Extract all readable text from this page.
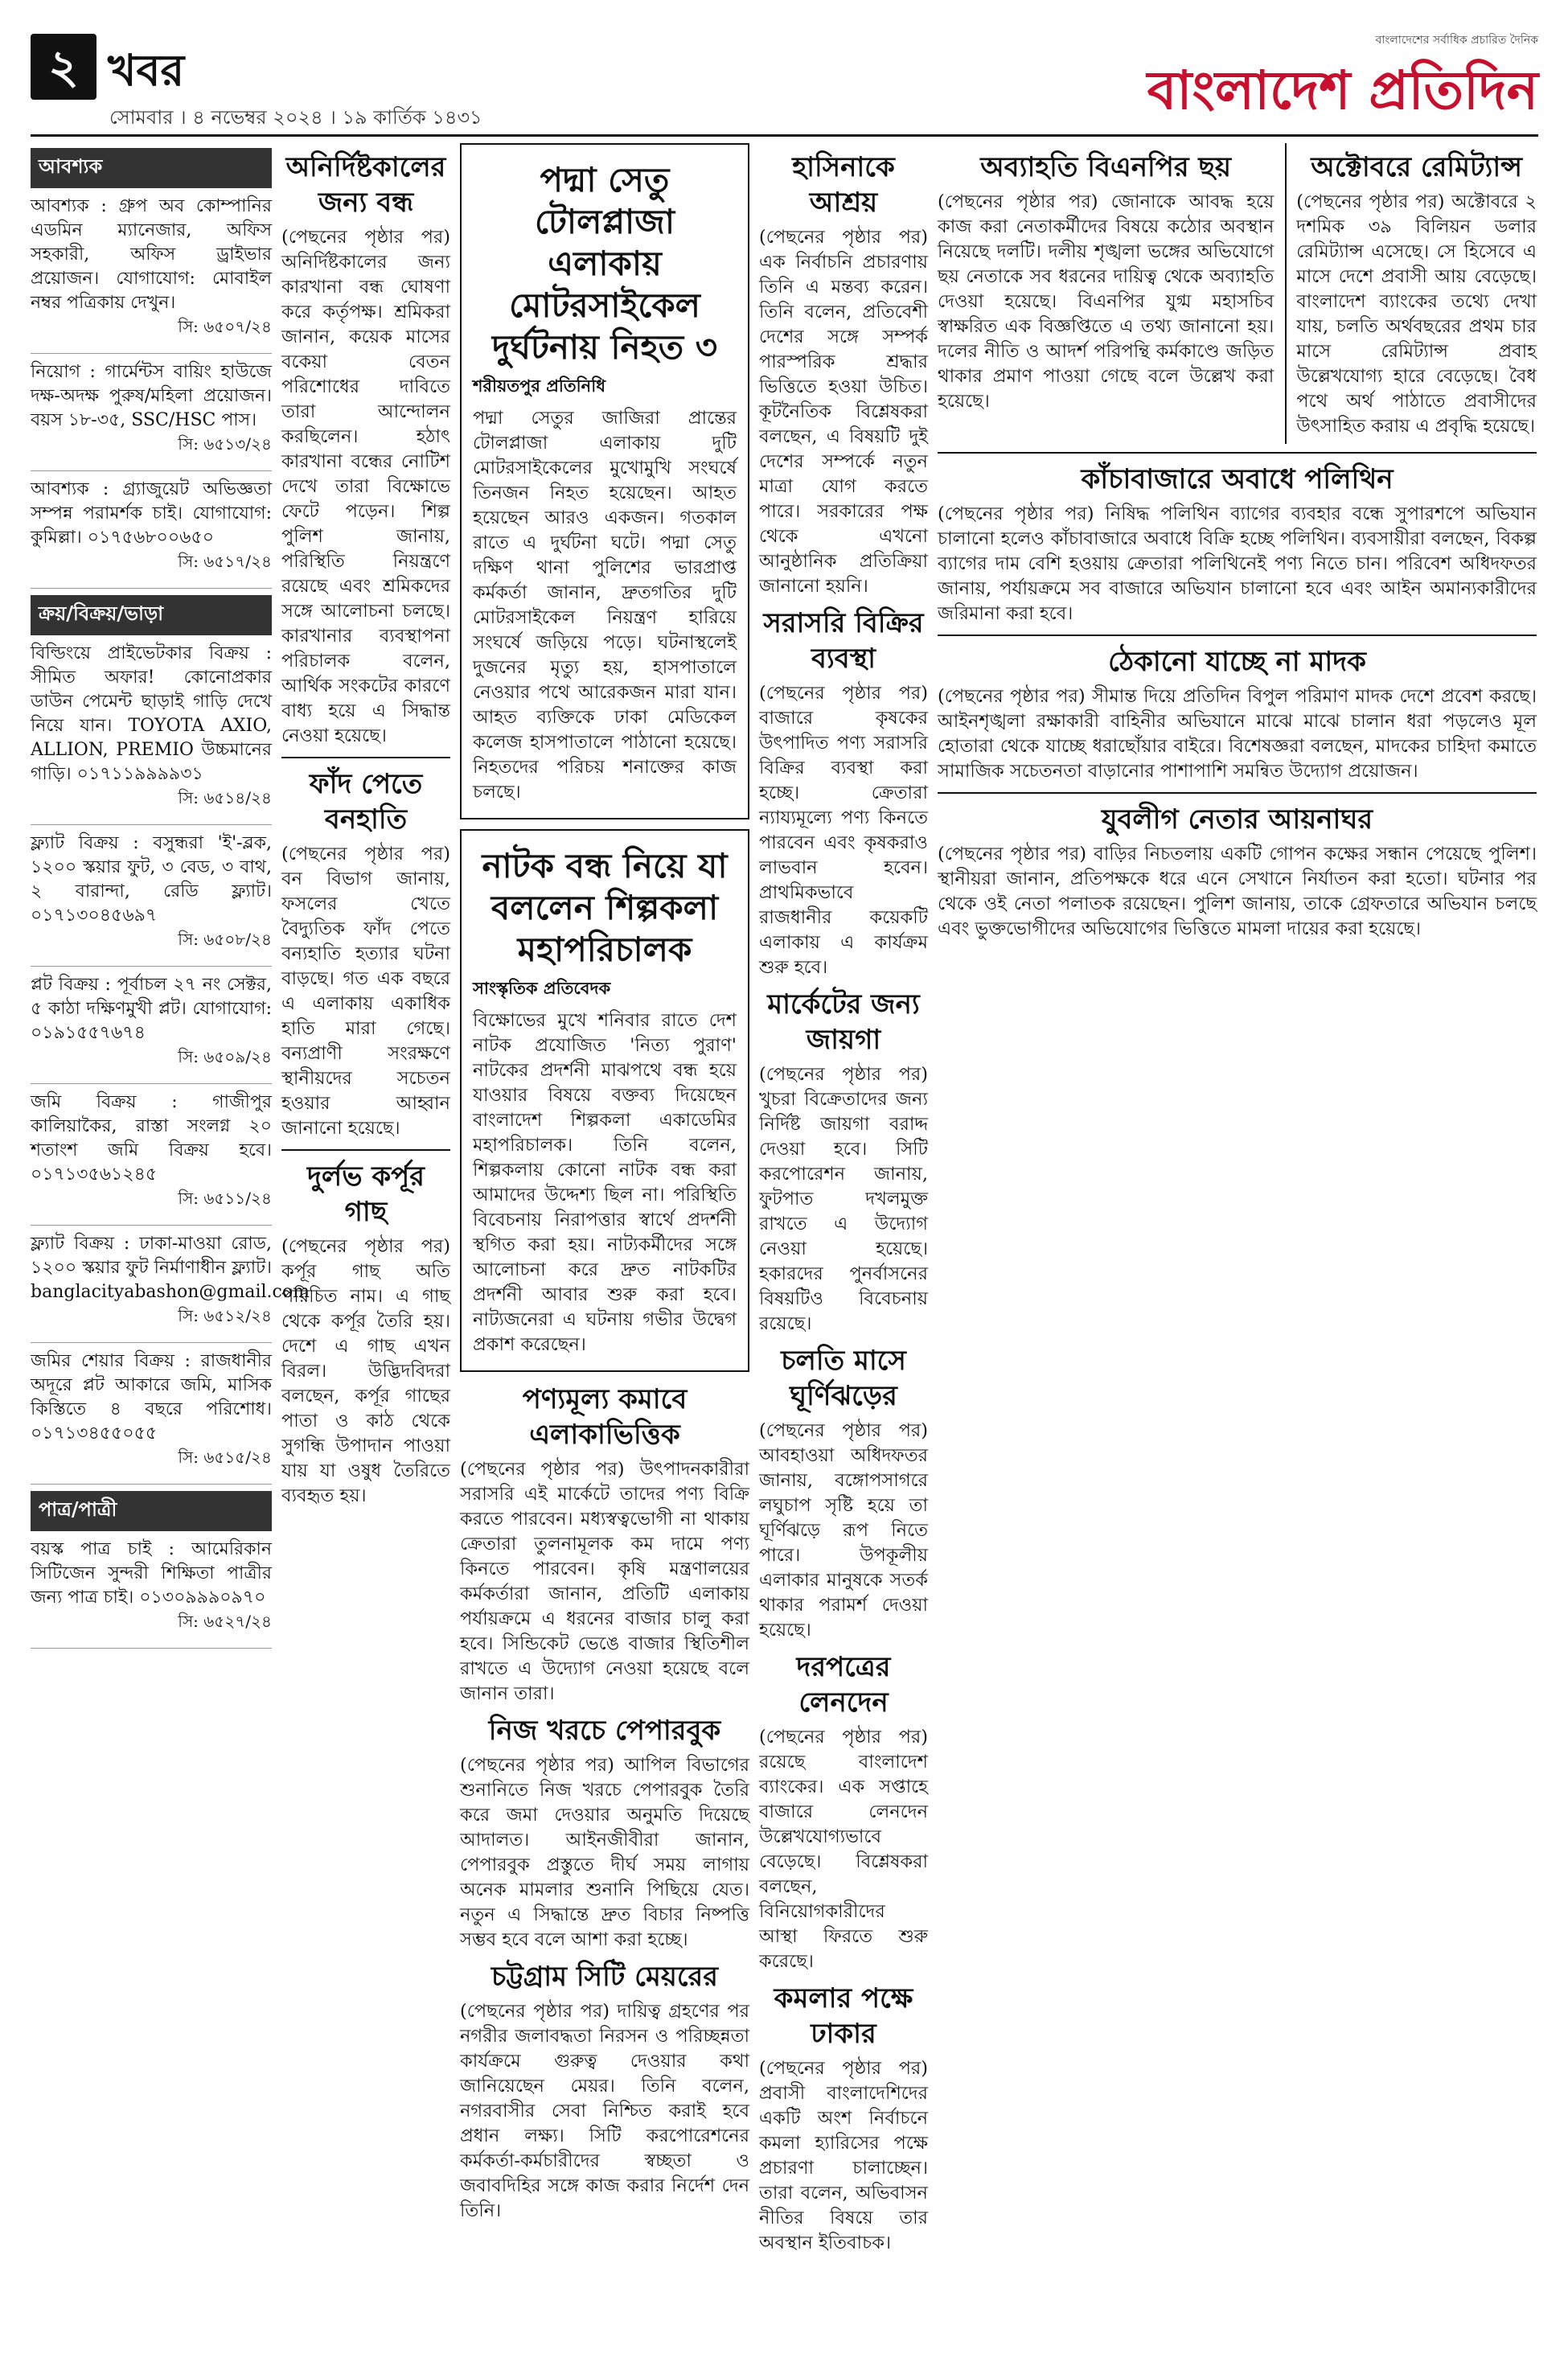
২ খবর
সোমবার । ৪ নভেম্বর ২০২৪ । ১৯ কার্তিক ১৪৩১
বাংলাদেশের সর্বাধিক প্রচারিত দৈনিক
বাংলাদেশ প্রতিদিন
আবশ্যক
আবশ্যক : গ্রুপ অব কোম্পানির এডমিন ম্যানেজার, অফিস সহকারী, অফিস ড্রাইভার প্রয়োজন। যোগাযোগ: মোবাইল নম্বর পত্রিকায় দেখুন।
সি: ৬৫০৭/২৪
নিয়োগ : গার্মেন্টস বায়িং হাউজে দক্ষ-অদক্ষ পুরুষ/মহিলা প্রয়োজন। বয়স ১৮-৩৫, SSC/HSC পাস।
সি: ৬৫১৩/২৪
আবশ্যক : গ্র্যাজুয়েট অভিজ্ঞতা সম্পন্ন পরামর্শক চাই। যোগাযোগ: কুমিল্লা। ০১৭৫৬৮০০৬৫০
সি: ৬৫১৭/২৪
ক্রয়/বিক্রয়/ভাড়া
বিল্ডিংয়ে প্রাইভেটকার বিক্রয় : সীমিত অফার! কোনোপ্রকার ডাউন পেমেন্ট ছাড়াই গাড়ি দেখে নিয়ে যান। TOYOTA AXIO, ALLION, PREMIO উচ্চমানের গাড়ি। ০১৭১১৯৯৯৯৩১
সি: ৬৫১৪/২৪
ফ্ল্যাট বিক্রয় : বসুন্ধরা 'ই'-ব্লক, ১২০০ স্কয়ার ফুট, ৩ বেড, ৩ বাথ, ২ বারান্দা, রেডি ফ্ল্যাট। ০১৭১৩০৪৫৬৯৭
সি: ৬৫০৮/২৪
প্লট বিক্রয় : পূর্বাচল ২৭ নং সেক্টর, ৫ কাঠা দক্ষিণমুখী প্লট। যোগাযোগ: ০১৯১৫৫৭৬৭৪
সি: ৬৫০৯/২৪
জমি বিক্রয় : গাজীপুর কালিয়াকৈর, রাস্তা সংলগ্ন ২০ শতাংশ জমি বিক্রয় হবে। ০১৭১৩৫৬১২৪৫
সি: ৬৫১১/২৪
ফ্ল্যাট বিক্রয় : ঢাকা-মাওয়া রোড, ১২০০ স্কয়ার ফুট নির্মাণাধীন ফ্ল্যাট। banglacityabashon@gmail.com
সি: ৬৫১২/২৪
জমির শেয়ার বিক্রয় : রাজধানীর অদূরে প্লট আকারে জমি, মাসিক কিস্তিতে ৪ বছরে পরিশোধ। ০১৭১৩৪৫৫০৫৫
সি: ৬৫১৫/২৪
পাত্র/পাত্রী
বয়স্ক পাত্র চাই : আমেরিকান সিটিজেন সুন্দরী শিক্ষিতা পাত্রীর জন্য পাত্র চাই। ০১৩০৯৯৯০৯৭০
সি: ৬৫২৭/২৪
অনির্দিষ্টকালের জন্য বন্ধ

(পেছনের পৃষ্ঠার পর) অনির্দিষ্টকালের জন্য কারখানা বন্ধ ঘোষণা করে কর্তৃপক্ষ। শ্রমিকরা জানান, কয়েক মাসের বকেয়া বেতন পরিশোধের দাবিতে তারা আন্দোলন করছিলেন। হঠাৎ কারখানা বন্ধের নোটিশ দেখে তারা বিক্ষোভে ফেটে পড়েন। শিল্প পুলিশ জানায়, পরিস্থিতি নিয়ন্ত্রণে রয়েছে এবং শ্রমিকদের সঙ্গে আলোচনা চলছে। কারখানার ব্যবস্থাপনা পরিচালক বলেন, আর্থিক সংকটের কারণে বাধ্য হয়ে এ সিদ্ধান্ত নেওয়া হয়েছে।

ফাঁদ পেতে বনহাতি

(পেছনের পৃষ্ঠার পর) বন বিভাগ জানায়, ফসলের খেতে বৈদ্যুতিক ফাঁদ পেতে বন্যহাতি হত্যার ঘটনা বাড়ছে। গত এক বছরে এ এলাকায় একাধিক হাতি মারা গেছে। বন্যপ্রাণী সংরক্ষণে স্থানীয়দের সচেতন হওয়ার আহ্বান জানানো হয়েছে।

দুর্লভ কর্পূর গাছ

(পেছনের পৃষ্ঠার পর) কর্পূর গাছ অতি পরিচিত নাম। এ গাছ থেকে কর্পূর তৈরি হয়। দেশে এ গাছ এখন বিরল। উদ্ভিদবিদরা বলছেন, কর্পূর গাছের পাতা ও কাঠ থেকে সুগন্ধি উপাদান পাওয়া যায় যা ওষুধ তৈরিতে ব্যবহৃত হয়।

পদ্মা সেতু টোলপ্লাজা এলাকায় মোটরসাইকেল দুর্ঘটনায় নিহত ৩
শরীয়তপুর প্রতিনিধি

পদ্মা সেতুর জাজিরা প্রান্তের টোলপ্লাজা এলাকায় দুটি মোটরসাইকেলের মুখোমুখি সংঘর্ষে তিনজন নিহত হয়েছেন। আহত হয়েছেন আরও একজন। গতকাল রাতে এ দুর্ঘটনা ঘটে। পদ্মা সেতু দক্ষিণ থানা পুলিশের ভারপ্রাপ্ত কর্মকর্তা জানান, দ্রুতগতির দুটি মোটরসাইকেল নিয়ন্ত্রণ হারিয়ে সংঘর্ষে জড়িয়ে পড়ে। ঘটনাস্থলেই দুজনের মৃত্যু হয়, হাসপাতালে নেওয়ার পথে আরেকজন মারা যান। আহত ব্যক্তিকে ঢাকা মেডিকেল কলেজ হাসপাতালে পাঠানো হয়েছে। নিহতদের পরিচয় শনাক্তের কাজ চলছে।

নাটক বন্ধ নিয়ে যা বললেন শিল্পকলা মহাপরিচালক
সাংস্কৃতিক প্রতিবেদক

বিক্ষোভের মুখে শনিবার রাতে দেশ নাটক প্রযোজিত 'নিত্য পুরাণ' নাটকের প্রদর্শনী মাঝপথে বন্ধ হয়ে যাওয়ার বিষয়ে বক্তব্য দিয়েছেন বাংলাদেশ শিল্পকলা একাডেমির মহাপরিচালক। তিনি বলেন, শিল্পকলায় কোনো নাটক বন্ধ করা আমাদের উদ্দেশ্য ছিল না। পরিস্থিতি বিবেচনায় নিরাপত্তার স্বার্থে প্রদর্শনী স্থগিত করা হয়। নাট্যকর্মীদের সঙ্গে আলোচনা করে দ্রুত নাটকটির প্রদর্শনী আবার শুরু করা হবে। নাট্যজনেরা এ ঘটনায় গভীর উদ্বেগ প্রকাশ করেছেন।

পণ্যমূল্য কমাবে এলাকাভিত্তিক

(পেছনের পৃষ্ঠার পর) উৎপাদনকারীরা সরাসরি এই মার্কেটে তাদের পণ্য বিক্রি করতে পারবেন। মধ্যস্বত্বভোগী না থাকায় ক্রেতারা তুলনামূলক কম দামে পণ্য কিনতে পারবেন। কৃষি মন্ত্রণালয়ের কর্মকর্তারা জানান, প্রতিটি এলাকায় পর্যায়ক্রমে এ ধরনের বাজার চালু করা হবে। সিন্ডিকেট ভেঙে বাজার স্থিতিশীল রাখতে এ উদ্যোগ নেওয়া হয়েছে বলে জানান তারা।

নিজ খরচে পেপারবুক

(পেছনের পৃষ্ঠার পর) আপিল বিভাগের শুনানিতে নিজ খরচে পেপারবুক তৈরি করে জমা দেওয়ার অনুমতি দিয়েছে আদালত। আইনজীবীরা জানান, পেপারবুক প্রস্তুতে দীর্ঘ সময় লাগায় অনেক মামলার শুনানি পিছিয়ে যেত। নতুন এ সিদ্ধান্তে দ্রুত বিচার নিষ্পত্তি সম্ভব হবে বলে আশা করা হচ্ছে।

চট্টগ্রাম সিটি মেয়রের

(পেছনের পৃষ্ঠার পর) দায়িত্ব গ্রহণের পর নগরীর জলাবদ্ধতা নিরসন ও পরিচ্ছন্নতা কার্যক্রমে গুরুত্ব দেওয়ার কথা জানিয়েছেন মেয়র। তিনি বলেন, নগরবাসীর সেবা নিশ্চিত করাই হবে প্রধান লক্ষ্য। সিটি করপোরেশনের কর্মকর্তা-কর্মচারীদের স্বচ্ছতা ও জবাবদিহির সঙ্গে কাজ করার নির্দেশ দেন তিনি।

হাসিনাকে আশ্রয়

(পেছনের পৃষ্ঠার পর) এক নির্বাচনি প্রচারণায় তিনি এ মন্তব্য করেন। তিনি বলেন, প্রতিবেশী দেশের সঙ্গে সম্পর্ক পারস্পরিক শ্রদ্ধার ভিত্তিতে হওয়া উচিত। কূটনৈতিক বিশ্লেষকরা বলছেন, এ বিষয়টি দুই দেশের সম্পর্কে নতুন মাত্রা যোগ করতে পারে। সরকারের পক্ষ থেকে এখনো আনুষ্ঠানিক প্রতিক্রিয়া জানানো হয়নি।

সরাসরি বিক্রির ব্যবস্থা

(পেছনের পৃষ্ঠার পর) বাজারে কৃষকের উৎপাদিত পণ্য সরাসরি বিক্রির ব্যবস্থা করা হচ্ছে। ক্রেতারা ন্যায্যমূল্যে পণ্য কিনতে পারবেন এবং কৃষকরাও লাভবান হবেন। প্রাথমিকভাবে রাজধানীর কয়েকটি এলাকায় এ কার্যক্রম শুরু হবে।

মার্কেটের জন্য জায়গা

(পেছনের পৃষ্ঠার পর) খুচরা বিক্রেতাদের জন্য নির্দিষ্ট জায়গা বরাদ্দ দেওয়া হবে। সিটি করপোরেশন জানায়, ফুটপাত দখলমুক্ত রাখতে এ উদ্যোগ নেওয়া হয়েছে। হকারদের পুনর্বাসনের বিষয়টিও বিবেচনায় রয়েছে।

চলতি মাসে ঘূর্ণিঝড়ের

(পেছনের পৃষ্ঠার পর) আবহাওয়া অধিদফতর জানায়, বঙ্গোপসাগরে লঘুচাপ সৃষ্টি হয়ে তা ঘূর্ণিঝড়ে রূপ নিতে পারে। উপকূলীয় এলাকার মানুষকে সতর্ক থাকার পরামর্শ দেওয়া হয়েছে।

দরপত্রের লেনদেন

(পেছনের পৃষ্ঠার পর) রয়েছে বাংলাদেশ ব্যাংকের। এক সপ্তাহে বাজারে লেনদেন উল্লেখযোগ্যভাবে বেড়েছে। বিশ্লেষকরা বলছেন, বিনিয়োগকারীদের আস্থা ফিরতে শুরু করেছে।

কমলার পক্ষে ঢাকার

(পেছনের পৃষ্ঠার পর) প্রবাসী বাংলাদেশিদের একটি অংশ নির্বাচনে কমলা হ্যারিসের পক্ষে প্রচারণা চালাচ্ছেন। তারা বলেন, অভিবাসন নীতির বিষয়ে তার অবস্থান ইতিবাচক।

অব্যাহতি বিএনপির ছয়

(পেছনের পৃষ্ঠার পর) জোনাকে আবদ্ধ হয়ে কাজ করা নেতাকর্মীদের বিষয়ে কঠোর অবস্থান নিয়েছে দলটি। দলীয় শৃঙ্খলা ভঙ্গের অভিযোগে ছয় নেতাকে সব ধরনের দায়িত্ব থেকে অব্যাহতি দেওয়া হয়েছে। বিএনপির যুগ্ম মহাসচিব স্বাক্ষরিত এক বিজ্ঞপ্তিতে এ তথ্য জানানো হয়। দলের নীতি ও আদর্শ পরিপন্থি কর্মকাণ্ডে জড়িত থাকার প্রমাণ পাওয়া গেছে বলে উল্লেখ করা হয়েছে।

অক্টোবরে রেমিট্যান্স

(পেছনের পৃষ্ঠার পর) অক্টোবরে ২ দশমিক ৩৯ বিলিয়ন ডলার রেমিট্যান্স এসেছে। সে হিসেবে এ মাসে দেশে প্রবাসী আয় বেড়েছে। বাংলাদেশ ব্যাংকের তথ্যে দেখা যায়, চলতি অর্থবছরের প্রথম চার মাসে রেমিট্যান্স প্রবাহ উল্লেখযোগ্য হারে বেড়েছে। বৈধ পথে অর্থ পাঠাতে প্রবাসীদের উৎসাহিত করায় এ প্রবৃদ্ধি হয়েছে।

কাঁচাবাজারে অবাধে পলিথিন

(পেছনের পৃষ্ঠার পর) নিষিদ্ধ পলিথিন ব্যাগের ব্যবহার বন্ধে সুপারশপে অভিযান চালানো হলেও কাঁচাবাজারে অবাধে বিক্রি হচ্ছে পলিথিন। ব্যবসায়ীরা বলছেন, বিকল্প ব্যাগের দাম বেশি হওয়ায় ক্রেতারা পলিথিনেই পণ্য নিতে চান। পরিবেশ অধিদফতর জানায়, পর্যায়ক্রমে সব বাজারে অভিযান চালানো হবে এবং আইন অমান্যকারীদের জরিমানা করা হবে।

ঠেকানো যাচ্ছে না মাদক

(পেছনের পৃষ্ঠার পর) সীমান্ত দিয়ে প্রতিদিন বিপুল পরিমাণ মাদক দেশে প্রবেশ করছে। আইনশৃঙ্খলা রক্ষাকারী বাহিনীর অভিযানে মাঝে মাঝে চালান ধরা পড়লেও মূল হোতারা থেকে যাচ্ছে ধরাছোঁয়ার বাইরে। বিশেষজ্ঞরা বলছেন, মাদকের চাহিদা কমাতে সামাজিক সচেতনতা বাড়ানোর পাশাপাশি সমন্বিত উদ্যোগ প্রয়োজন।

যুবলীগ নেতার আয়নাঘর

(পেছনের পৃষ্ঠার পর) বাড়ির নিচতলায় একটি গোপন কক্ষের সন্ধান পেয়েছে পুলিশ। স্থানীয়রা জানান, প্রতিপক্ষকে ধরে এনে সেখানে নির্যাতন করা হতো। ঘটনার পর থেকে ওই নেতা পলাতক রয়েছেন। পুলিশ জানায়, তাকে গ্রেফতারে অভিযান চলছে এবং ভুক্তভোগীদের অভিযোগের ভিত্তিতে মামলা দায়ের করা হয়েছে।
